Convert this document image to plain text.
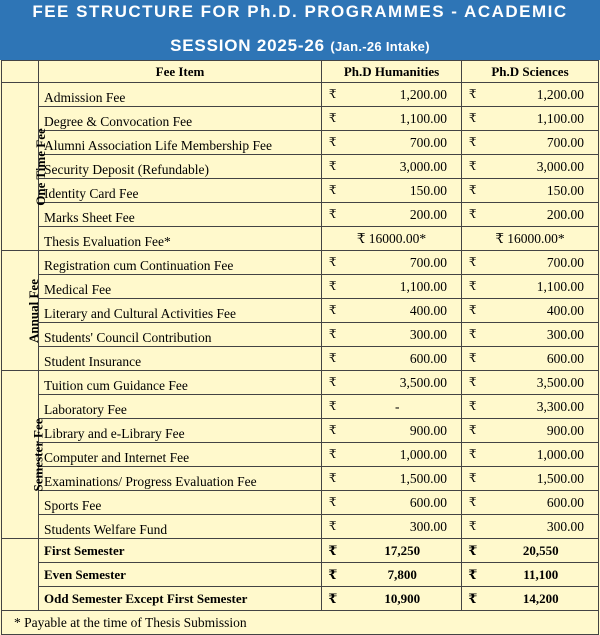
FEE STRUCTURE FOR Ph.D. PROGRAMMES - ACADEMIC
SESSION 2025-26 (Jan.-26 Intake)
	Fee Item	Ph.D Humanities		Ph.D Sciences	
One Time Fee	Admission Fee	₹	1,200.00	₹	1,200.00
	Degree & Convocation Fee	₹	1,100.00	₹	1,100.00
	Alumni Association Life Membership Fee	₹	700.00	₹	700.00
	Security Deposit (Refundable)	₹	3,000.00	₹	3,000.00
	Identity Card Fee	₹	150.00	₹	150.00
	Marks Sheet Fee	₹	200.00	₹	200.00
	Thesis Evaluation Fee*	₹ 16000.00*		₹ 16000.00*	
Annual Fee	Registration cum Continuation Fee	₹	700.00	₹	700.00
	Medical Fee	₹	1,100.00	₹	1,100.00
	Literary and Cultural Activities Fee	₹	400.00	₹	400.00
	Students' Council Contribution	₹	300.00	₹	300.00
	Student Insurance	₹	600.00	₹	600.00
Semester Fee	Tuition cum Guidance Fee	₹	3,500.00	₹	3,500.00
	Laboratory Fee	₹	-	₹	3,300.00
	Library and e-Library Fee	₹	900.00	₹	900.00
	Computer and Internet Fee	₹	1,000.00	₹	1,000.00
	Examinations/ Progress Evaluation Fee	₹	1,500.00	₹	1,500.00
	Sports Fee	₹	600.00	₹	600.00
	Students Welfare Fund	₹	300.00	₹	300.00
	First Semester	₹	17,250	₹	20,550
	Even Semester	₹	7,800	₹	11,100
	Odd Semester Except First Semester	₹	10,900	₹	14,200
* Payable at the time of Thesis Submission					
